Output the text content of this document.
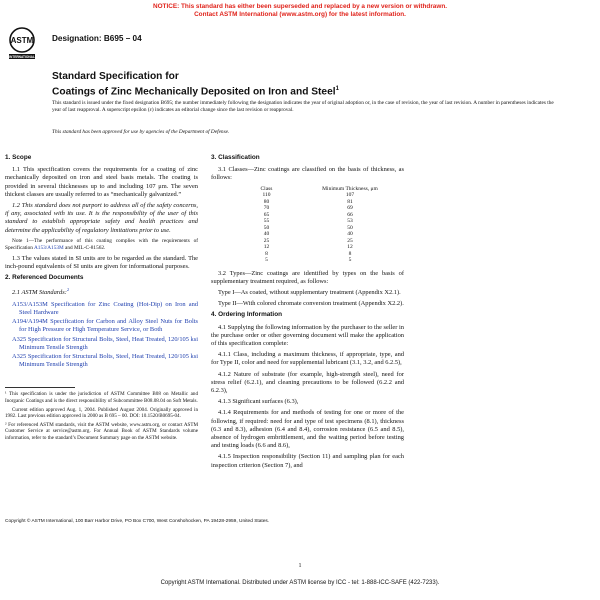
NOTICE: This standard has either been superseded and replaced by a new version or withdrawn.
Contact ASTM International (www.astm.org) for the latest information.
ASTM
INTERNATIONAL
Designation: B695 – 04
Standard Specification for
Coatings of Zinc Mechanically Deposited on Iron and Steel$^1$
This standard is issued under the fixed designation B695; the number immediately following the designation indicates the year of original adoption or, in the case of revision, the year of last revision. A number in parentheses indicates the year of last reapproval. A superscript epsilon (ε) indicates an editorial change since the last revision or reapproval.
This standard has been approved for use by agencies of the Department of Defense.
1. Scope

1.1 This specification covers the requirements for a coating of zinc mechanically deposited on iron and steel basis metals. The coating is provided in several thicknesses up to and including 107 μm. The seven thickest classes are usually referred to as “mechanically galvanized.”

1.2 This standard does not purport to address all of the safety concerns, if any, associated with its use. It is the responsibility of the user of this standard to establish appropriate safety and health practices and determine the applicability of regulatory limitations prior to use.

Note 1—The performance of this coating complies with the requirements of Specification A153/A153M and MIL-C-81562.

1.3 The values stated in SI units are to be regarded as the standard. The inch-pound equivalents of SI units are given for informational purposes.

2. Referenced Documents

2.1 ASTM Standards:$^2$

A153/A153M Specification for Zinc Coating (Hot-Dip) on Iron and Steel Hardware
A194/A194M Specification for Carbon and Alloy Steel Nuts for Bolts for High Pressure or High Temperature Service, or Both
A325 Specification for Structural Bolts, Steel, Heat Treated, 120/105 ksi Minimum Tensile Strength
A325 Specification for Structural Bolts, Steel, Heat Treated, 120/105 ksi Minimum Tensile Strength
¹ This specification is under the jurisdiction of ASTM Committee B08 on Metallic and Inorganic Coatings and is the direct responsibility of Subcommittee B08.08.04 on Soft Metals.
Current edition approved Aug. 1, 2004. Published August 2004. Originally approved in 1982. Last previous edition approved in 2000 as B 695 – 00. DOI: 10.1520/B0695-04.
² For referenced ASTM standards, visit the ASTM website, www.astm.org, or contact ASTM Customer Service at service@astm.org. For Annual Book of ASTM Standards volume information, refer to the standard’s Document Summary page on the ASTM website.
3. Classification

3.1 Classes—Zinc coatings are classified on the basis of thickness, as follows:

Class	Minimum Thickness, μm
110	107
80	81
70	69
65	66
55	53
50	50
40	40
25	25
12	12
8	8
5	5

3.2 Types—Zinc coatings are identified by types on the basis of supplementary treatment required, as follows:

Type I—As coated, without supplementary treatment (Appendix X2.1).

Type II—With colored chromate conversion treatment (Appendix X2.2).

4. Ordering Information

4.1 Supplying the following information by the purchaser to the seller in the purchase order or other governing document will make the application of this specification complete:

4.1.1 Class, including a maximum thickness, if appropriate, type, and for Type II, color and need for supplemental lubricant (3.1, 3.2, and 6.2.5),

4.1.2 Nature of substrate (for example, high-strength steel), need for stress relief (6.2.1), and cleaning precautions to be followed (6.2.2 and 6.2.3),

4.1.3 Significant surfaces (6.3),

4.1.4 Requirements for and methods of testing for one or more of the following, if required: need for and type of test specimens (8.1), thickness (6.3 and 8.3), adhesion (6.4 and 8.4), corrosion resistance (6.5 and 8.5), absence of hydrogen embrittlement, and the waiting period before testing and testing loads (6.6 and 8.6),

4.1.5 Inspection responsibility (Section 11) and sampling plan for each inspection criterion (Section 7), and

Copyright © ASTM International, 100 Barr Harbor Drive, PO Box C700, West Conshohocken, PA 19428-2959, United States.
1
Copyright ASTM International. Distributed under ASTM license by ICC - tel: 1-888-ICC-SAFE (422-7233).
